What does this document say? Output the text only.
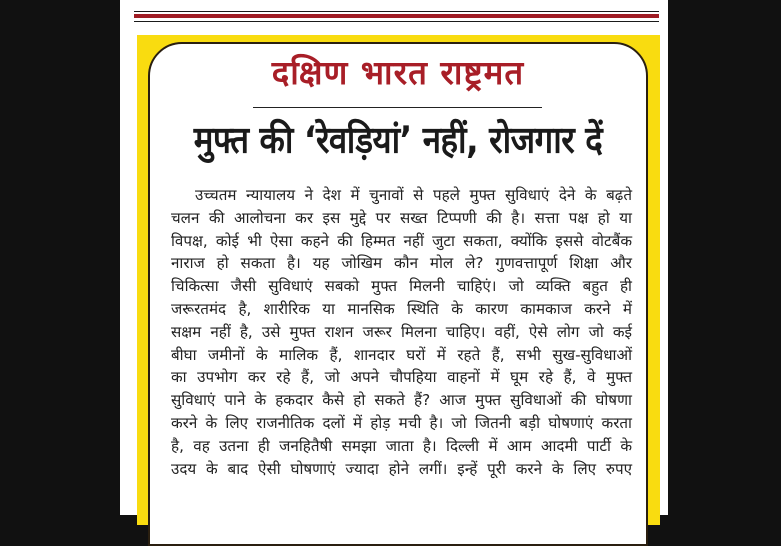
दक्षिण भारत राष्ट्रमत
मुफ्त की ‘रेवड़ियां’ नहीं, रोजगार दें
उच्चतम न्यायालय ने देश में चुनावों से पहले मुफ्त सुविधाएं देने के बढ़ते
चलन की आलोचना कर इस मुद्दे पर सख्त टिप्पणी की है। सत्ता पक्ष हो या
विपक्ष, कोई भी ऐसा कहने की हिम्मत नहीं जुटा सकता, क्योंकि इससे वोटबैंक
नाराज हो सकता है। यह जोखिम कौन मोल ले? गुणवत्तापूर्ण शिक्षा और
चिकित्सा जैसी सुविधाएं सबको मुफ्त मिलनी चाहिएं। जो व्यक्ति बहुत ही
जरूरतमंद है, शारीरिक या मानसिक स्थिति के कारण कामकाज करने में
सक्षम नहीं है, उसे मुफ्त राशन जरूर मिलना चाहिए। वहीं, ऐसे लोग जो कई
बीघा जमीनों के मालिक हैं, शानदार घरों में रहते हैं, सभी सुख-सुविधाओं
का उपभोग कर रहे हैं, जो अपने चौपहिया वाहनों में घूम रहे हैं, वे मुफ्त
सुविधाएं पाने के हकदार कैसे हो सकते हैं? आज मुफ्त सुविधाओं की घोषणा
करने के लिए राजनीतिक दलों में होड़ मची है। जो जितनी बड़ी घोषणाएं करता
है, वह उतना ही जनहितैषी समझा जाता है। दिल्ली में आम आदमी पार्टी के
उदय के बाद ऐसी घोषणाएं ज्यादा होने लगीं। इन्हें पूरी करने के लिए रुपए
